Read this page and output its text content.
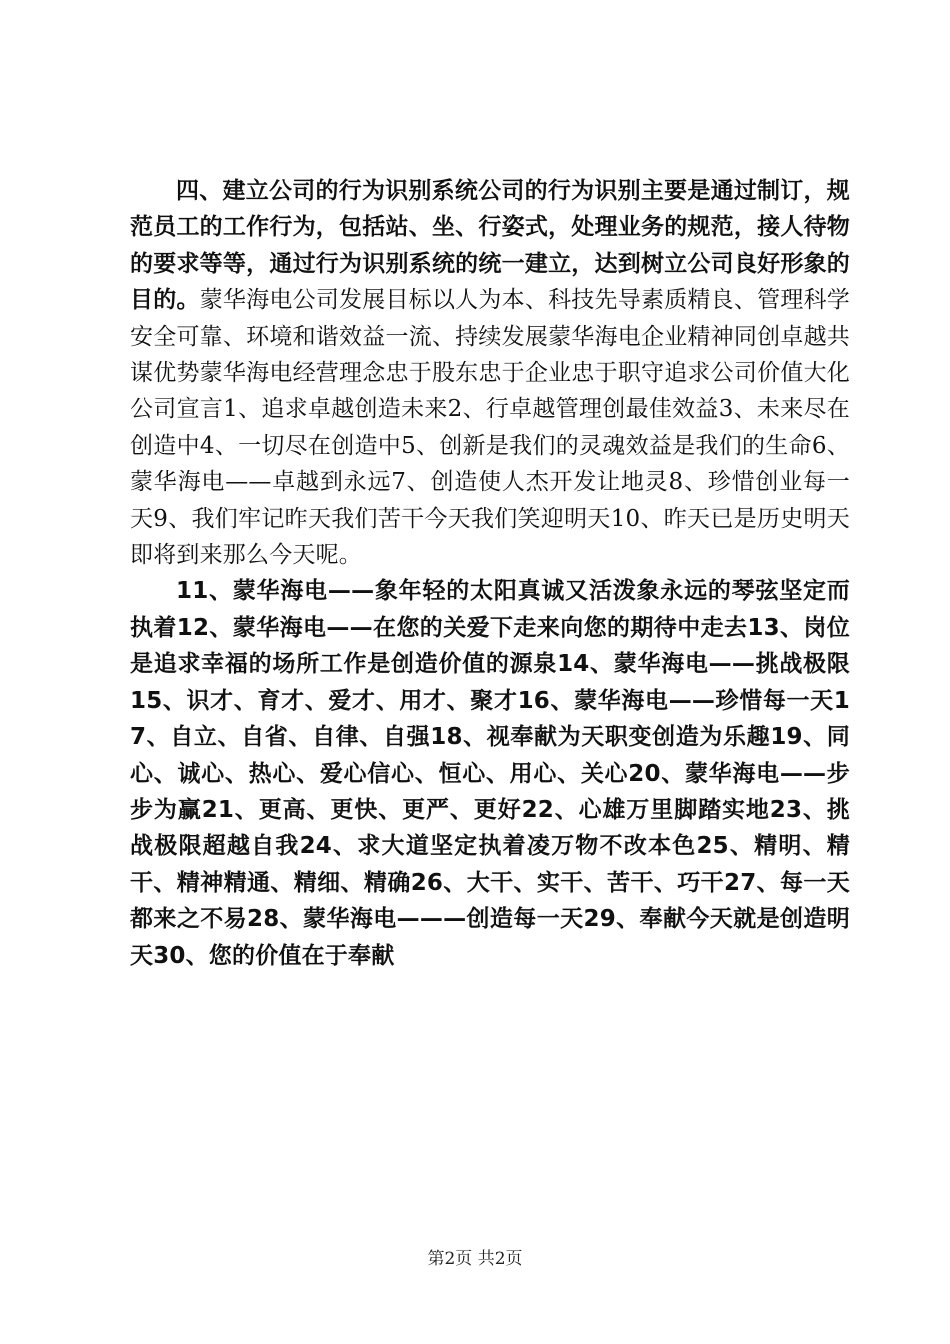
四、建立公司的行为识别系统公司的行为识别主要是通过制订，规范员工的工作行为，包括站、坐、行姿式，处理业务的规范，接人待物的要求等等，通过行为识别系统的统一建立，达到树立公司良好形象的目的。蒙华海电公司发展目标以人为本、科技先导素质精良、管理科学安全可靠、环境和谐效益一流、持续发展蒙华海电企业精神同创卓越共谋优势蒙华海电经营理念忠于股东忠于企业忠于职守追求公司价值大化公司宣言1、追求卓越创造未来2、行卓越管理创最佳效益3、未来尽在创造中4、一切尽在创造中5、创新是我们的灵魂效益是我们的生命6、蒙华海电——卓越到永远7、创造使人杰开发让地灵8、珍惜创业每一天9、我们牢记昨天我们苦干今天我们笑迎明天10、昨天已是历史明天即将到来那么今天呢。

11、蒙华海电——象年轻的太阳真诚又活泼象永远的琴弦坚定而执着12、蒙华海电——在您的关爱下走来向您的期待中走去13、岗位是追求幸福的场所工作是创造价值的源泉14、蒙华海电——挑战极限15、识才、育才、爱才、用才、聚才16、蒙华海电——珍惜每一天17、自立、自省、自律、自强18、视奉献为天职变创造为乐趣19、同心、诚心、热心、爱心信心、恒心、用心、关心20、蒙华海电——步步为赢21、更高、更快、更严、更好22、心雄万里脚踏实地23、挑战极限超越自我24、求大道坚定执着凌万物不改本色25、精明、精干、精神精通、精细、精确26、大干、实干、苦干、巧干27、每一天都来之不易28、蒙华海电———创造每一天29、奉献今天就是创造明天30、您的价值在于奉献

第2页 共2页
